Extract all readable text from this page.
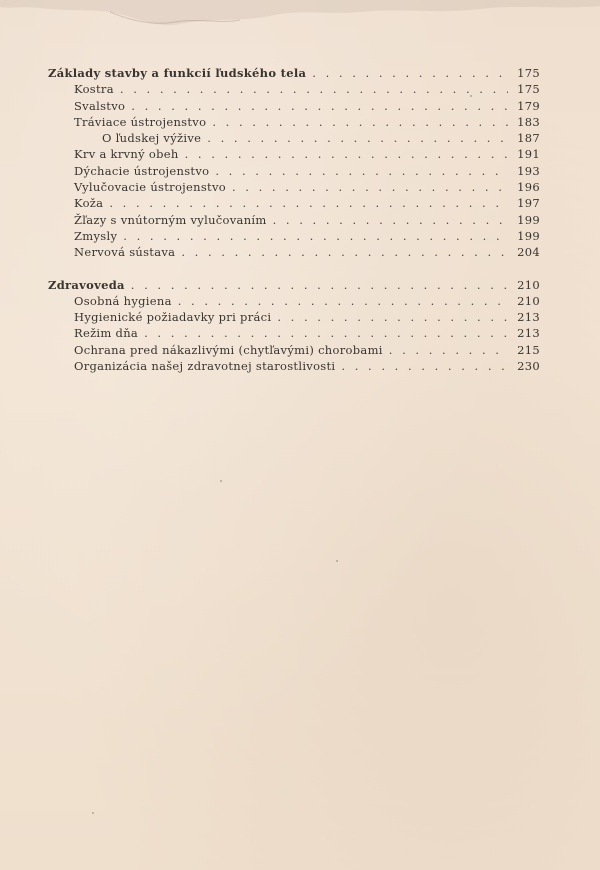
Základy stavby a funkcií ľudského tela . . .	175
Kostra . . .	175
Svalstvo . . .	179
Tráviace ústrojenstvo . . .	183
O ľudskej výžive . . .	187
Krv a krvný obeh . . .	191
Dýchacie ústrojenstvo . . .	193
Vylučovacie ústrojenstvo . . .	196
Koža . . .	197
Žľazy s vnútorným vylučovaním . . .	199
Zmysly . . .	199
Nervová sústava . . .	204
Zdravoveda . . .	210
Osobná hygiena . . .	210
Hygienické požiadavky pri práci . . .	213
Režim dňa . . .	213
Ochrana pred nákazlivými (chytľavými) chorobami . . .	215
Organizácia našej zdravotnej starostlivosti . . .	230
